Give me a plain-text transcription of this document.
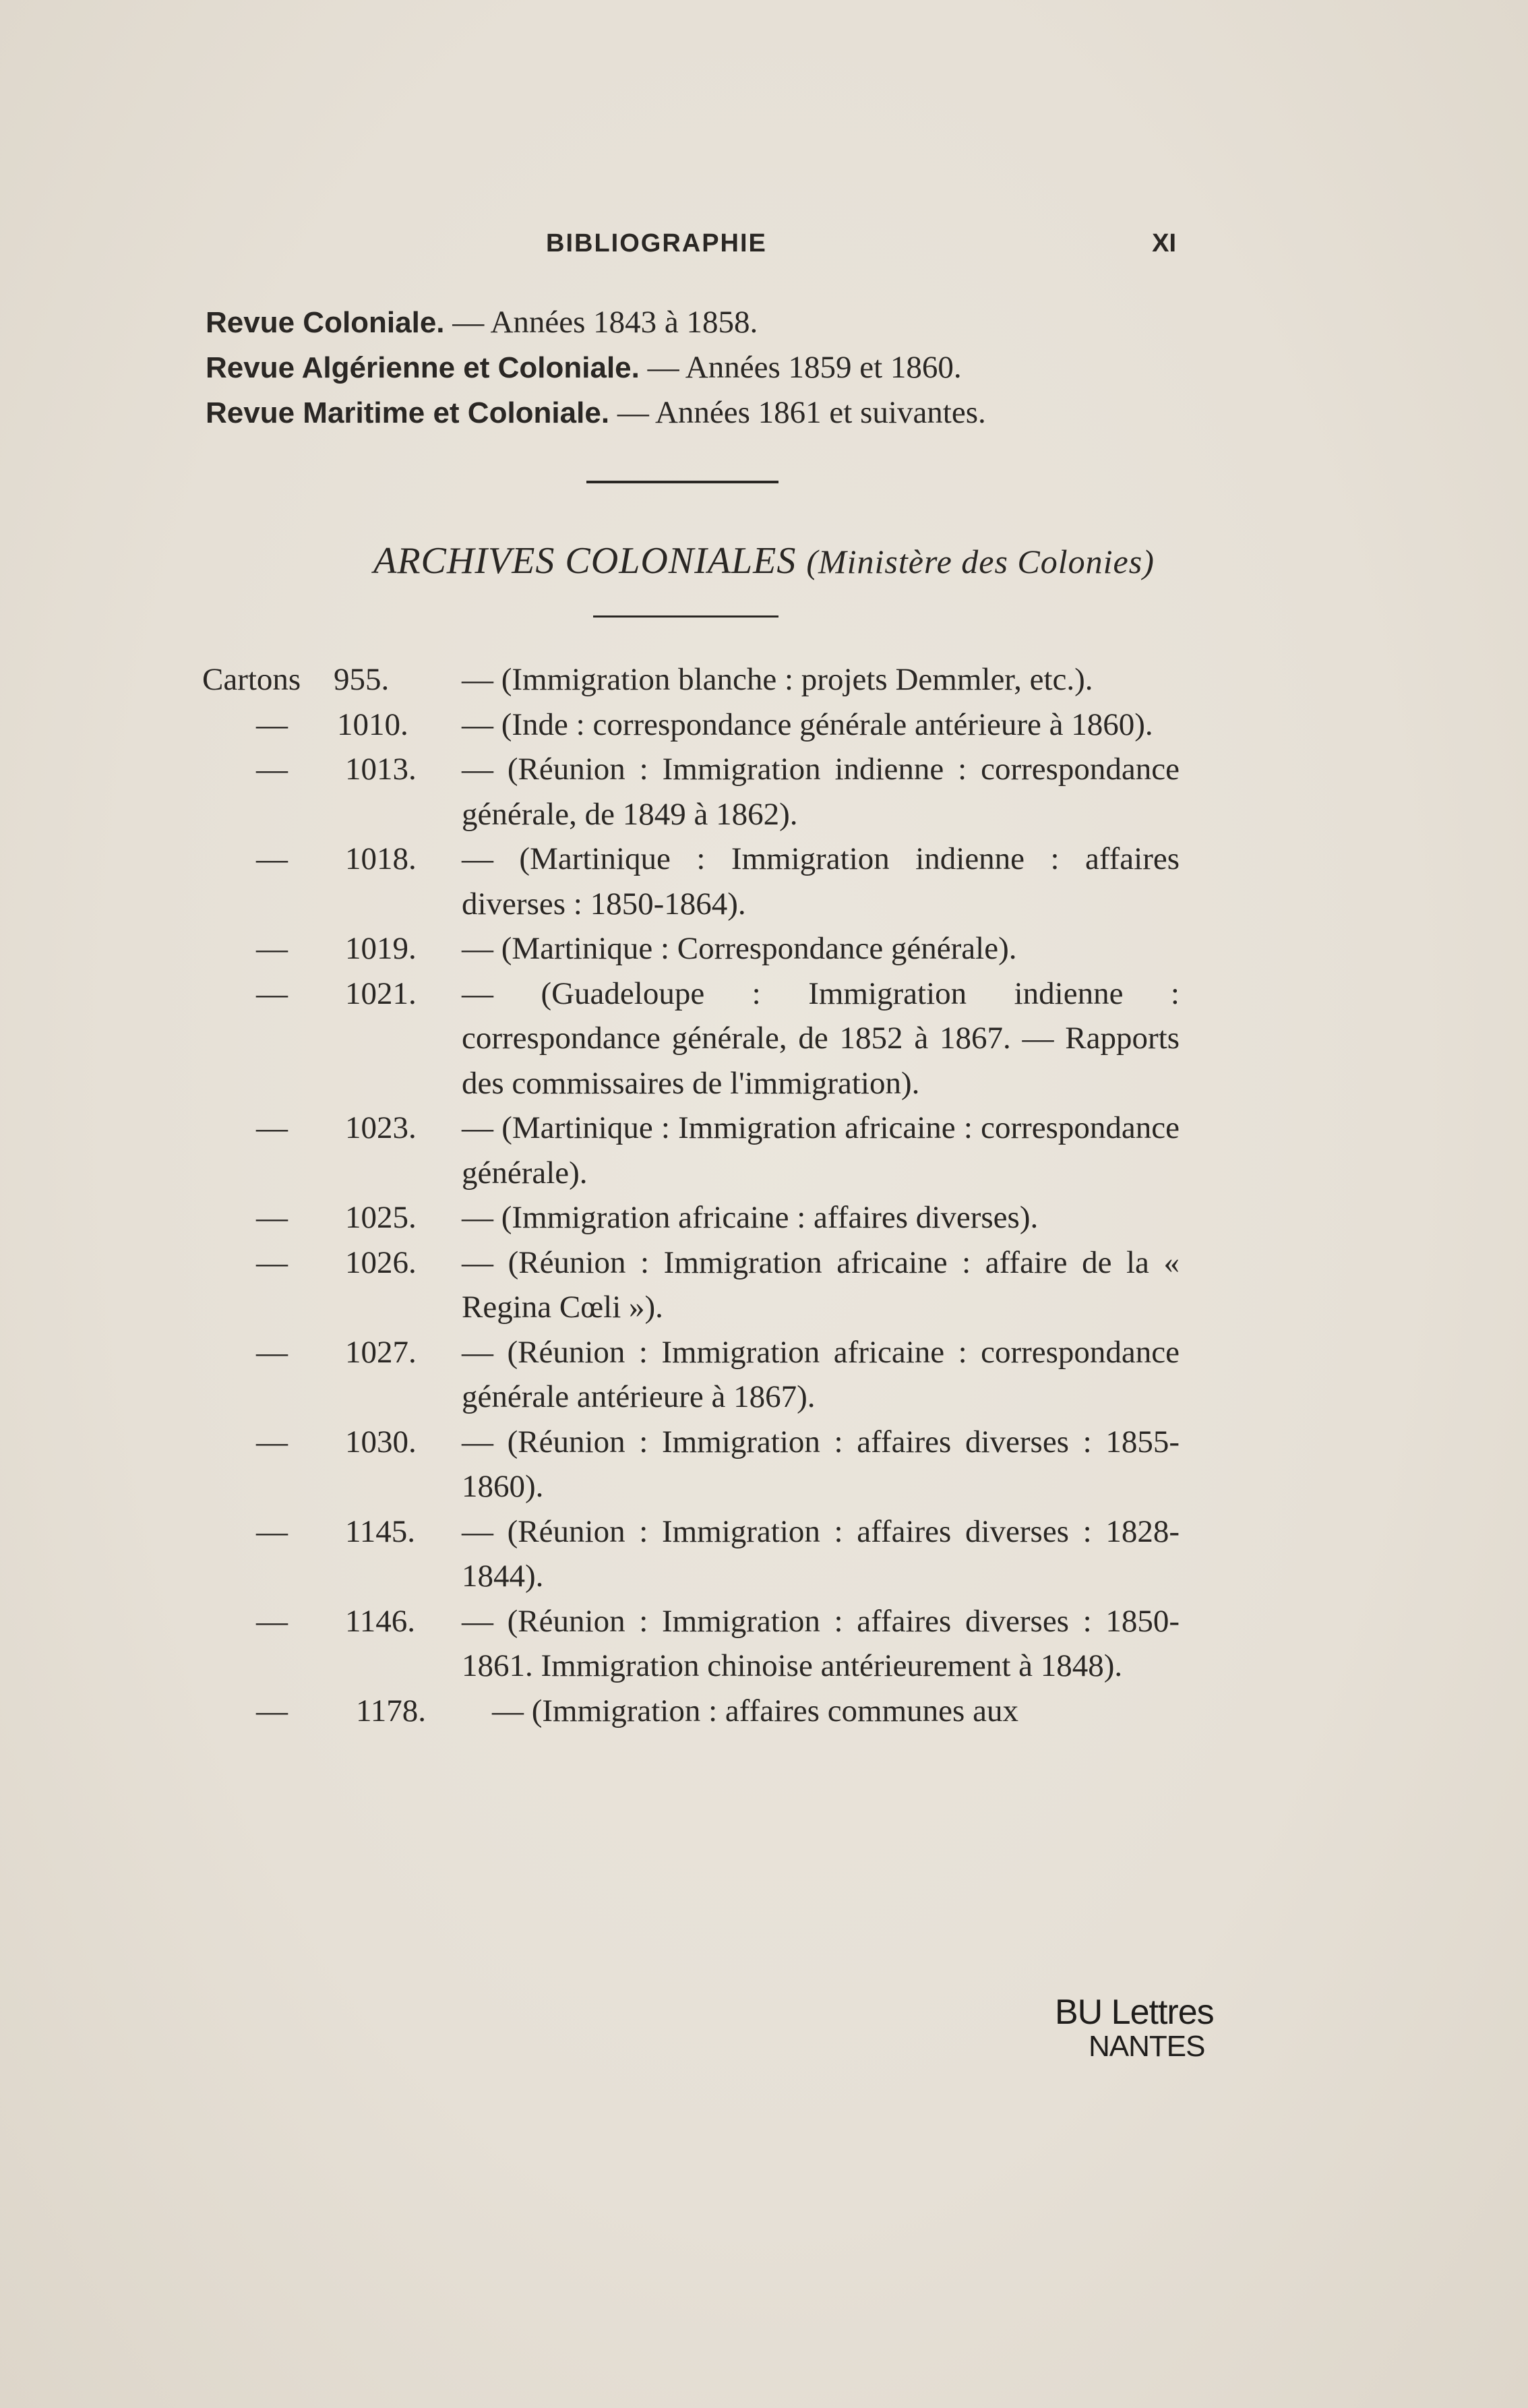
BIBLIOGRAPHIE	XI
Revue Coloniale. — Années 1843 à 1858.
Revue Algérienne et Coloniale. — Années 1859 et 1860.
Revue Maritime et Coloniale. — Années 1861 et suivantes.
ARCHIVES COLONIALES (Ministère des Colonies)
Cartons 955.	— (Immigration blanche : projets Demmler, etc.).
— 1010. — (Inde : correspondance générale antérieure à 1860).
— 1013. — (Réunion : Immigration indienne : correspondance générale, de 1849 à 1862).
— 1018. — (Martinique : Immigration indienne : affaires diverses : 1850-1864).
— 1019. — (Martinique : Correspondance générale).
— 1021. — (Guadeloupe : Immigration indienne : correspondance générale, de 1852 à 1867. — Rapports des commissaires de l'immigration).
— 1023. — (Martinique : Immigration africaine : correspondance générale).
— 1025. — (Immigration africaine : affaires diverses).
— 1026. — (Réunion : Immigration africaine : affaire de la « Regina Cœli »).
— 1027. — (Réunion : Immigration africaine : correspondance générale antérieure à 1867).
— 1030. — (Réunion : Immigration : affaires diverses : 1855-1860).
— 1145. — (Réunion : Immigration : affaires diverses : 1828-1844).
— 1146. — (Réunion : Immigration : affaires diverses : 1850-1861. Immigration chinoise antérieurement à 1848).
— 1178. — (Immigration : affaires communes aux
BU Lettres
NANTES
